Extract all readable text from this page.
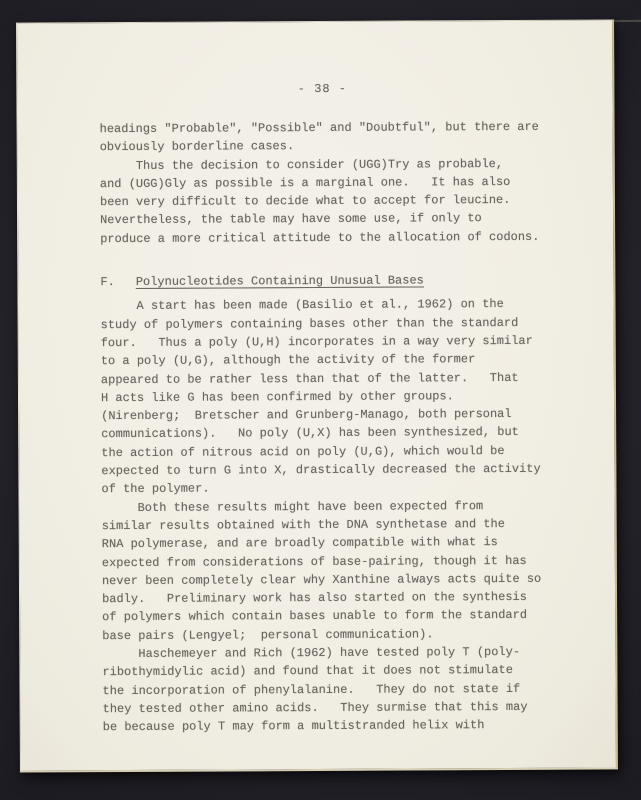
- 38 -
headings "Probable", "Possible" and "Doubtful", but there are
obviously borderline cases.
Thus the decision to consider (UGG)Try as probable,
and (UGG)Gly as possible is a marginal one.   It has also
been very difficult to decide what to accept for leucine.
Nevertheless, the table may have some use, if only to
produce a more critical attitude to the allocation of codons.
F. Polynucleotides Containing Unusual Bases
A start has been made (Basilio et al., 1962) on the
study of polymers containing bases other than the standard
four.   Thus a poly (U,H) incorporates in a way very similar
to a poly (U,G), although the activity of the former
appeared to be rather less than that of the latter.   That
H acts like G has been confirmed by other groups.
(Nirenberg;  Bretscher and Grunberg-Manago, both personal
communications).   No poly (U,X) has been synthesized, but
the action of nitrous acid on poly (U,G), which would be
expected to turn G into X, drastically decreased the activity
of the polymer.
Both these results might have been expected from
similar results obtained with the DNA synthetase and the
RNA polymerase, and are broadly compatible with what is
expected from considerations of base-pairing, though it has
never been completely clear why Xanthine always acts quite so
badly.   Preliminary work has also started on the synthesis
of polymers which contain bases unable to form the standard
base pairs (Lengyel;  personal communication).
Haschemeyer and Rich (1962) have tested poly T (poly-
ribothymidylic acid) and found that it does not stimulate
the incorporation of phenylalanine.   They do not state if
they tested other amino acids.   They surmise that this may
be because poly T may form a multistranded helix with
